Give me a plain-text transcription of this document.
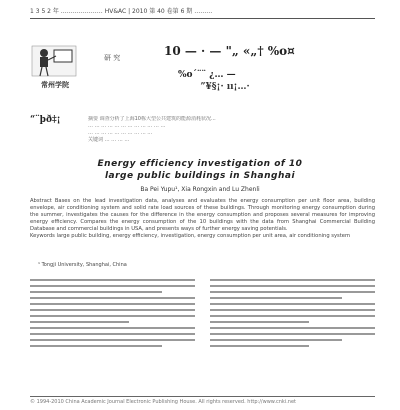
1 3 5 2 年 ………………… HV&AC | 2010 第 40 卷第 6 期 ………
常州学院
研 究	10 — · — "„ «„† %o¤
%o´¨¨ ¿… —
”¥§¡· ıı¡…·
“¨þð‡¡	摘要 调查分析了上海10栋大型公共建筑的能源消耗状况...
… … … … … … … … … … … …
… … … … … … … … … …
关键词 … … … …
Energy efficiency investigation of 10 large public buildings in Shanghai
Ba Pei Yupu¹, Xia Rongxin and Lu Zhenli
Abstract Bases on the lead investigation data, analyses and evaluates the energy consumption per unit floor area, building envelope, air conditioning system and solid rate load sources of these buildings. Through monitoring energy consumption during the summer, investigates the causes for the difference in the energy consumption and proposes several measures for improving energy efficiency. Compares the energy consumption of the 10 buildings with the data from Shanghai Commercial Building Database and commercial buildings in USA, and presents ways of further energy saving potentials.
Keywords large public building, energy efficiency, investigation, energy consumption per unit area, air conditioning system
¹ Tongji University, Shanghai, China
© 1994-2010 China Academic Journal Electronic Publishing House. All rights reserved. http://www.cnki.net
